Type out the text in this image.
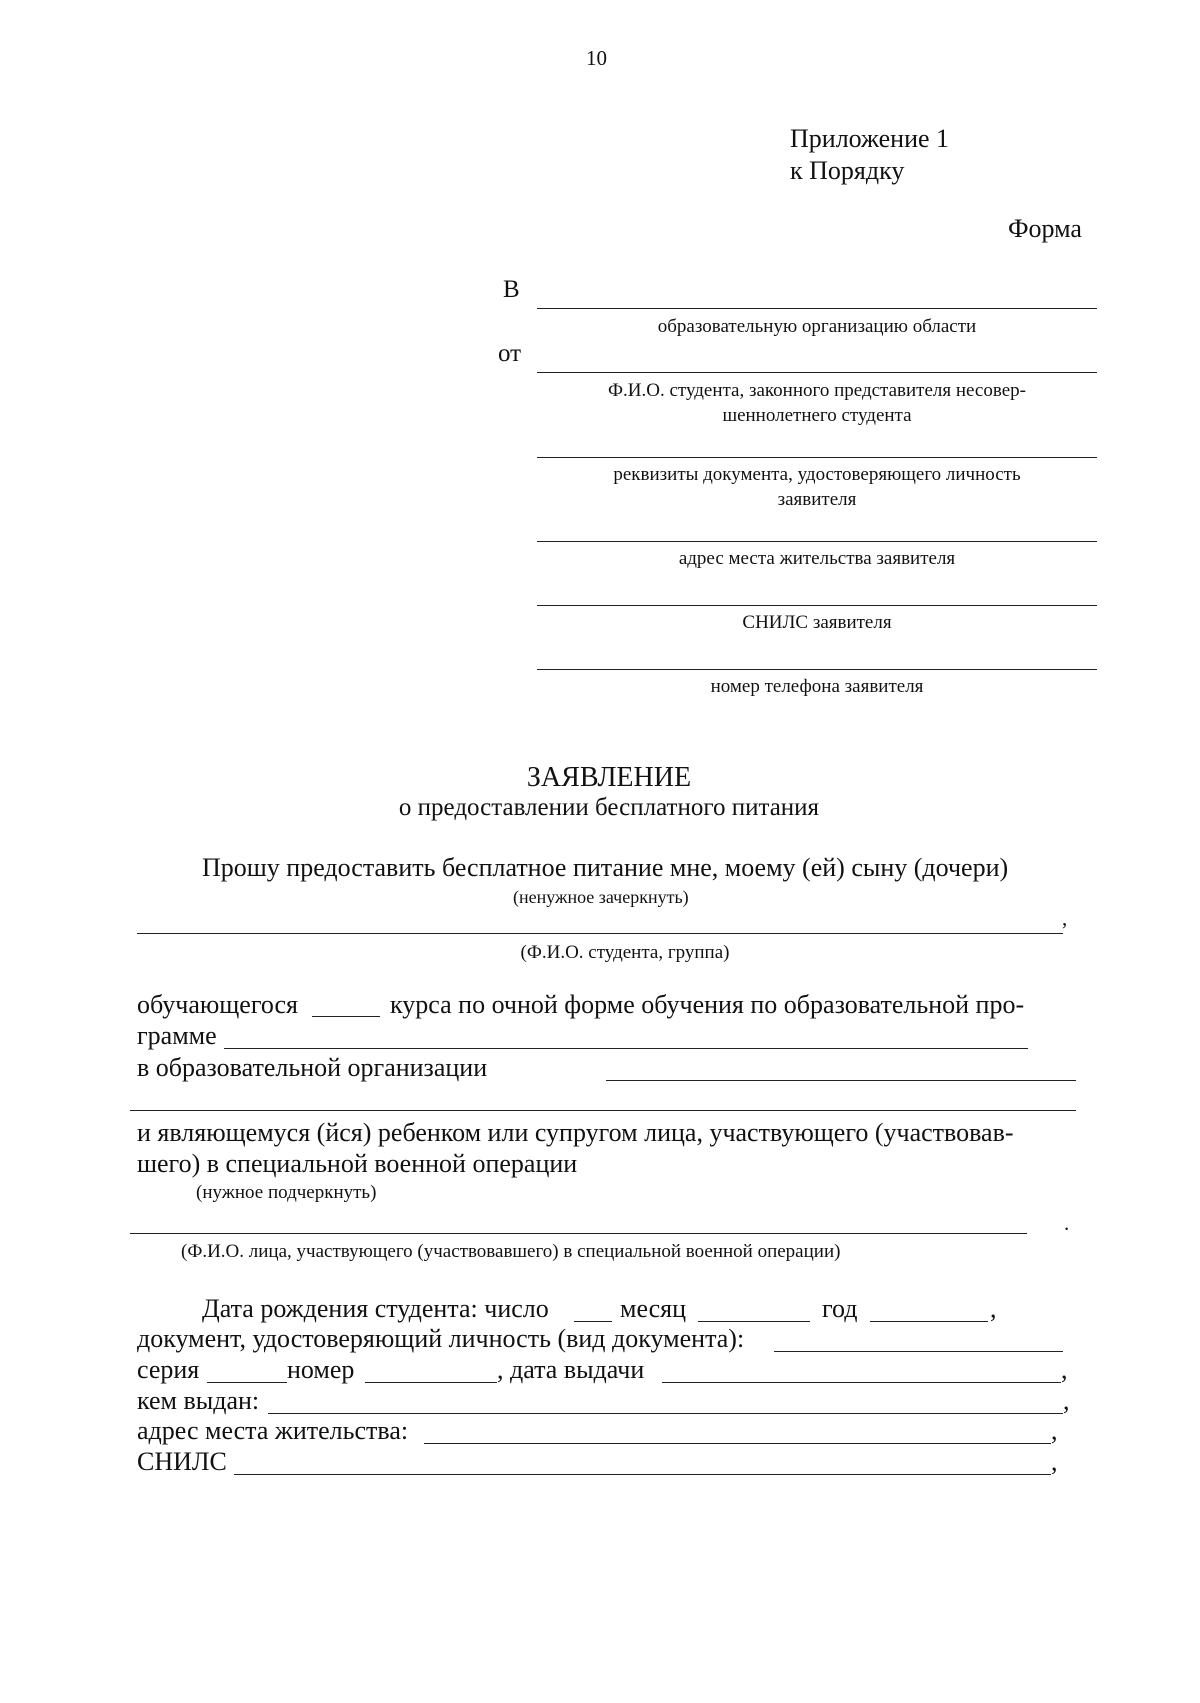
10
Приложение 1
к Порядку
Форма
В
образовательную организацию области
от
Ф.И.О. студента, законного представителя несовер-
шеннолетнего студента
реквизиты документа, удостоверяющего личность
заявителя
адрес места жительства заявителя
СНИЛС заявителя
номер телефона заявителя
ЗАЯВЛЕНИЕ
о предоставлении бесплатного питания
Прошу предоставить бесплатное питание мне, моему (ей) сыну (дочери)
(ненужное зачеркнуть)
,
(Ф.И.О. студента, группа)
обучающегося	курса по очной форме обучения по образовательной про-
грамме
в образовательной организации
и являющемуся (йся) ребенком или супругом лица, участвующего (участвовав-
шего) в специальной военной операции
(нужное подчеркнуть)
.
(Ф.И.О. лица, участвующего (участвовавшего) в специальной военной операции)
Дата рождения студента: число	месяц	год	,
документ, удостоверяющий личность (вид документа):
серия	номер	, дата выдачи	,
кем выдан:	,
адрес места жительства:	,
СНИЛС	,
